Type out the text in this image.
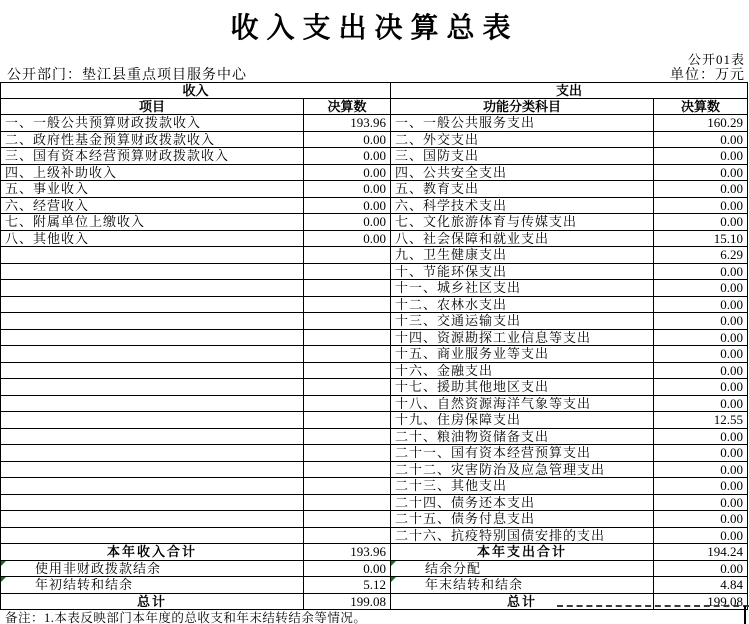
收入支出决算总表
公开01表
公开部门：垫江县重点项目服务中心	单位：万元
收入		支出	
项目	决算数	功能分类科目	决算数
一、一般公共预算财政拨款收入	193.96	一、一般公共服务支出	160.29
二、政府性基金预算财政拨款收入	0.00	二、外交支出	0.00
三、国有资本经营预算财政拨款收入	0.00	三、国防支出	0.00
四、上级补助收入	0.00	四、公共安全支出	0.00
五、事业收入	0.00	五、教育支出	0.00
六、经营收入	0.00	六、科学技术支出	0.00
七、附属单位上缴收入	0.00	七、文化旅游体育与传媒支出	0.00
八、其他收入	0.00	八、社会保障和就业支出	15.10
		九、卫生健康支出	6.29
		十、节能环保支出	0.00
		十一、城乡社区支出	0.00
		十二、农林水支出	0.00
		十三、交通运输支出	0.00
		十四、资源勘探工业信息等支出	0.00
		十五、商业服务业等支出	0.00
		十六、金融支出	0.00
		十七、援助其他地区支出	0.00
		十八、自然资源海洋气象等支出	0.00
		十九、住房保障支出	12.55
		二十、粮油物资储备支出	0.00
		二十一、国有资本经营预算支出	0.00
		二十二、灾害防治及应急管理支出	0.00
		二十三、其他支出	0.00
		二十四、债务还本支出	0.00
		二十五、债务付息支出	0.00
		二十六、抗疫特别国债安排的支出	0.00
本年收入合计	193.96	本年支出合计	194.24
使用非财政拨款结余	0.00	结余分配	0.00
年初结转和结余	5.12	年末结转和结余	4.84
总计	199.08	总计	199.08
备注：1.本表反映部门本年度的总收支和年末结转结余等情况。
